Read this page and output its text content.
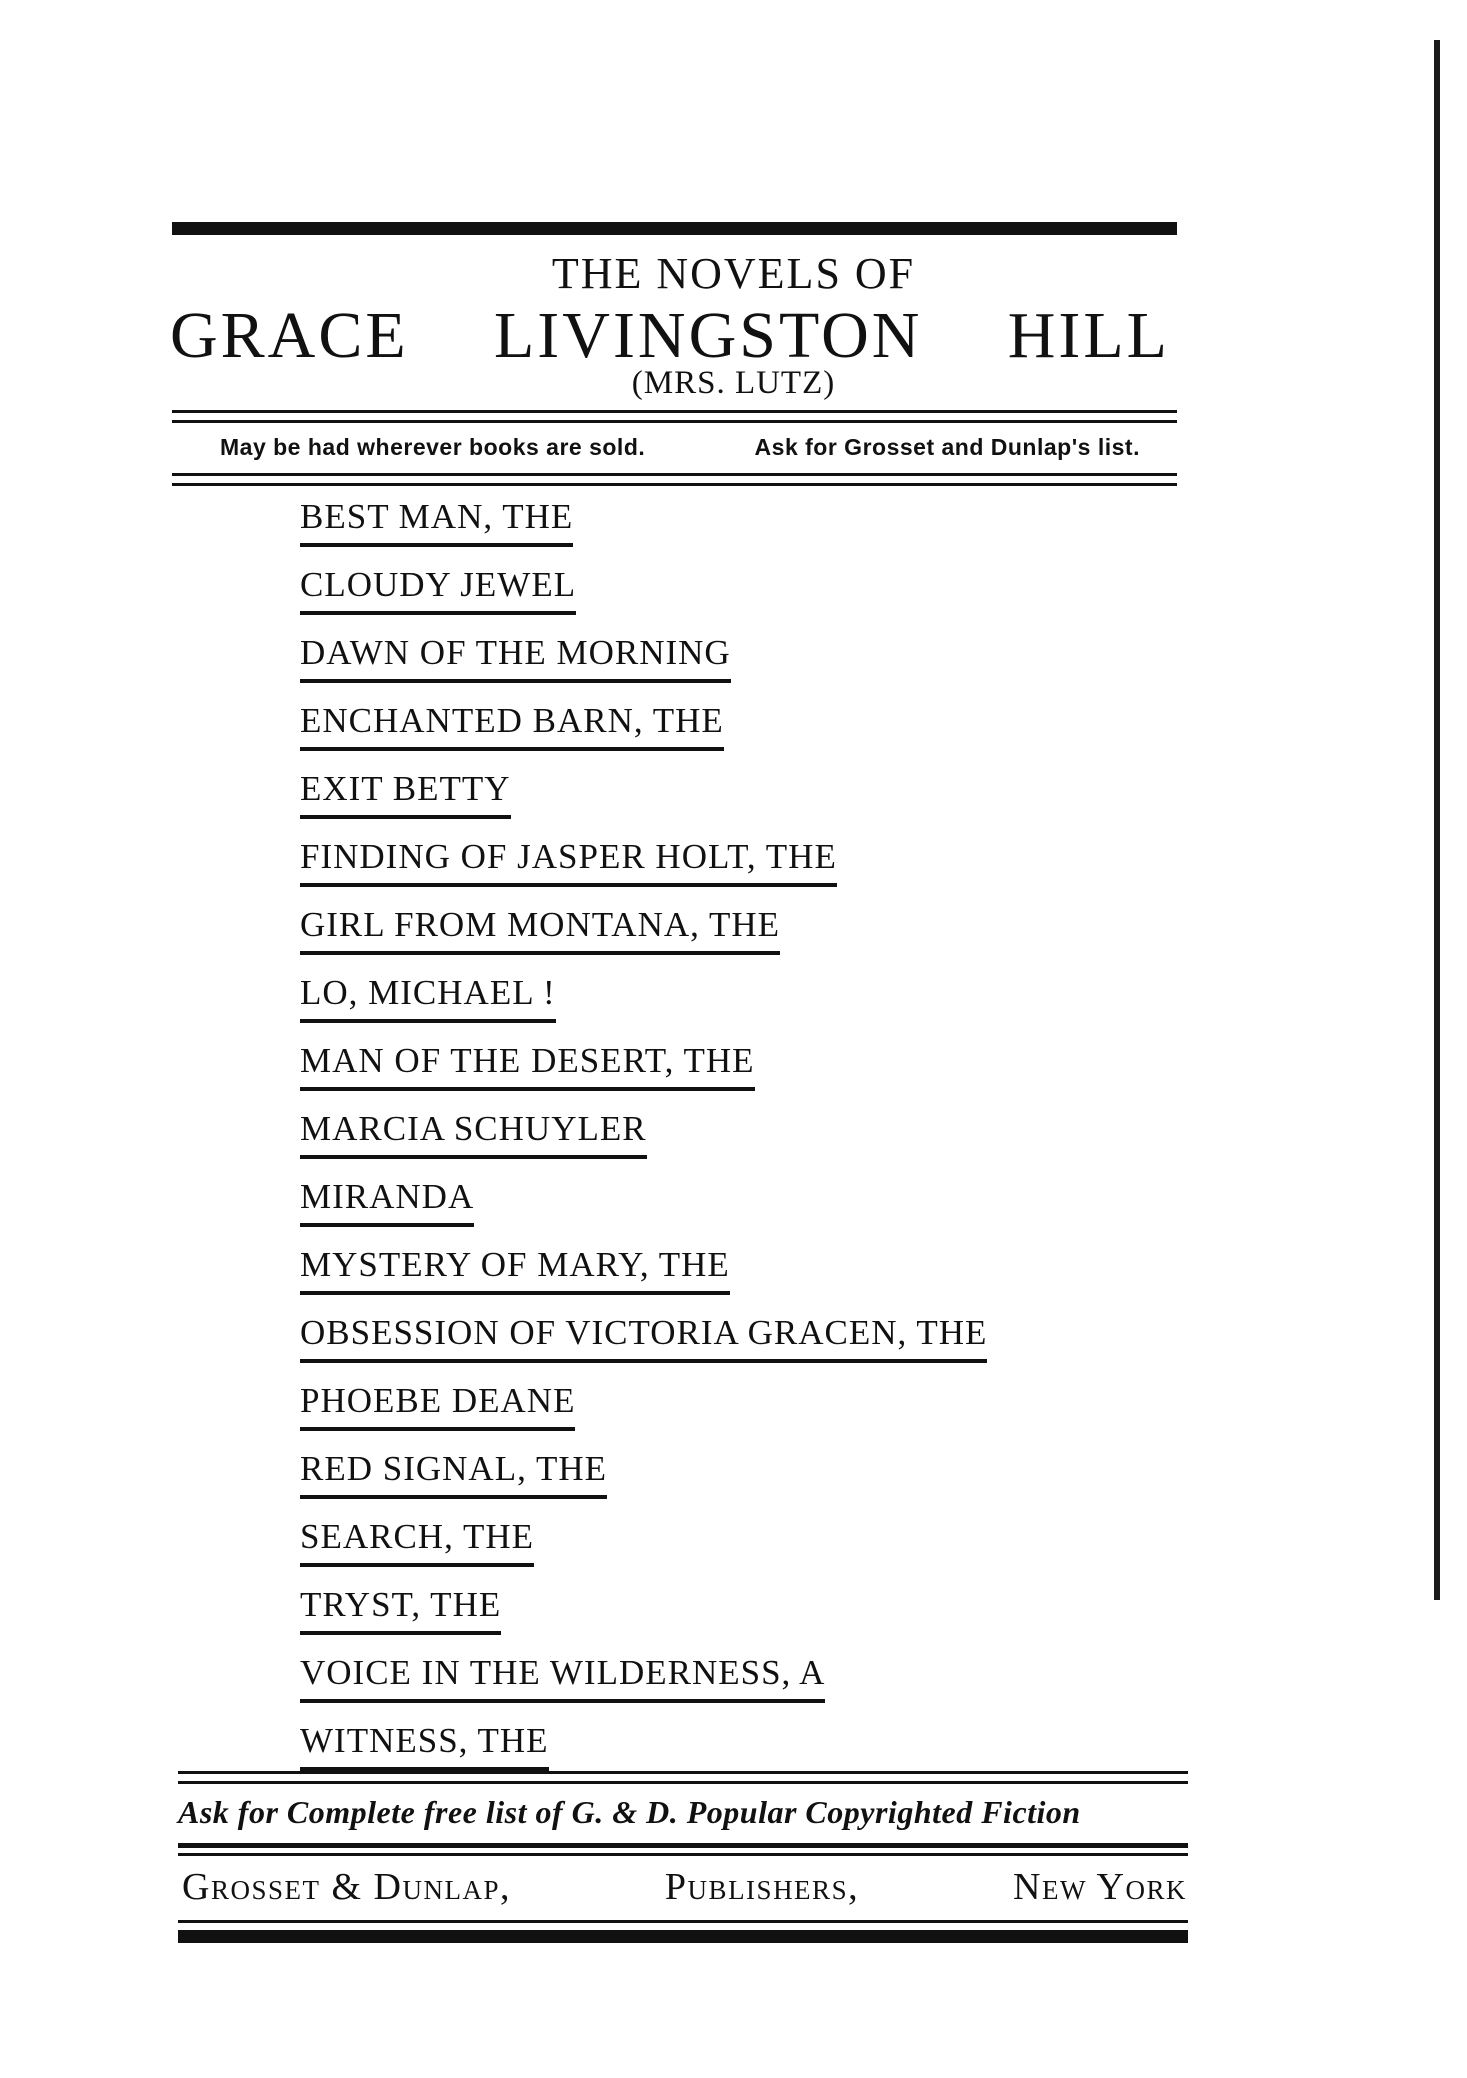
THE NOVELS OF
GRACE LIVINGSTON HILL
(MRS. LUTZ)
May be had wherever books are sold.	Ask for Grosset and Dunlap's list.
BEST MAN, THE
CLOUDY JEWEL
DAWN OF THE MORNING
ENCHANTED BARN, THE
EXIT BETTY
FINDING OF JASPER HOLT, THE
GIRL FROM MONTANA, THE
LO, MICHAEL !
MAN OF THE DESERT, THE
MARCIA SCHUYLER
MIRANDA
MYSTERY OF MARY, THE
OBSESSION OF VICTORIA GRACEN, THE
PHOEBE DEANE
RED SIGNAL, THE
SEARCH, THE
TRYST, THE
VOICE IN THE WILDERNESS, A
WITNESS, THE
Ask for Complete free list of G. & D. Popular Copyrighted Fiction
Grosset & Dunlap,	Publishers,	New York
